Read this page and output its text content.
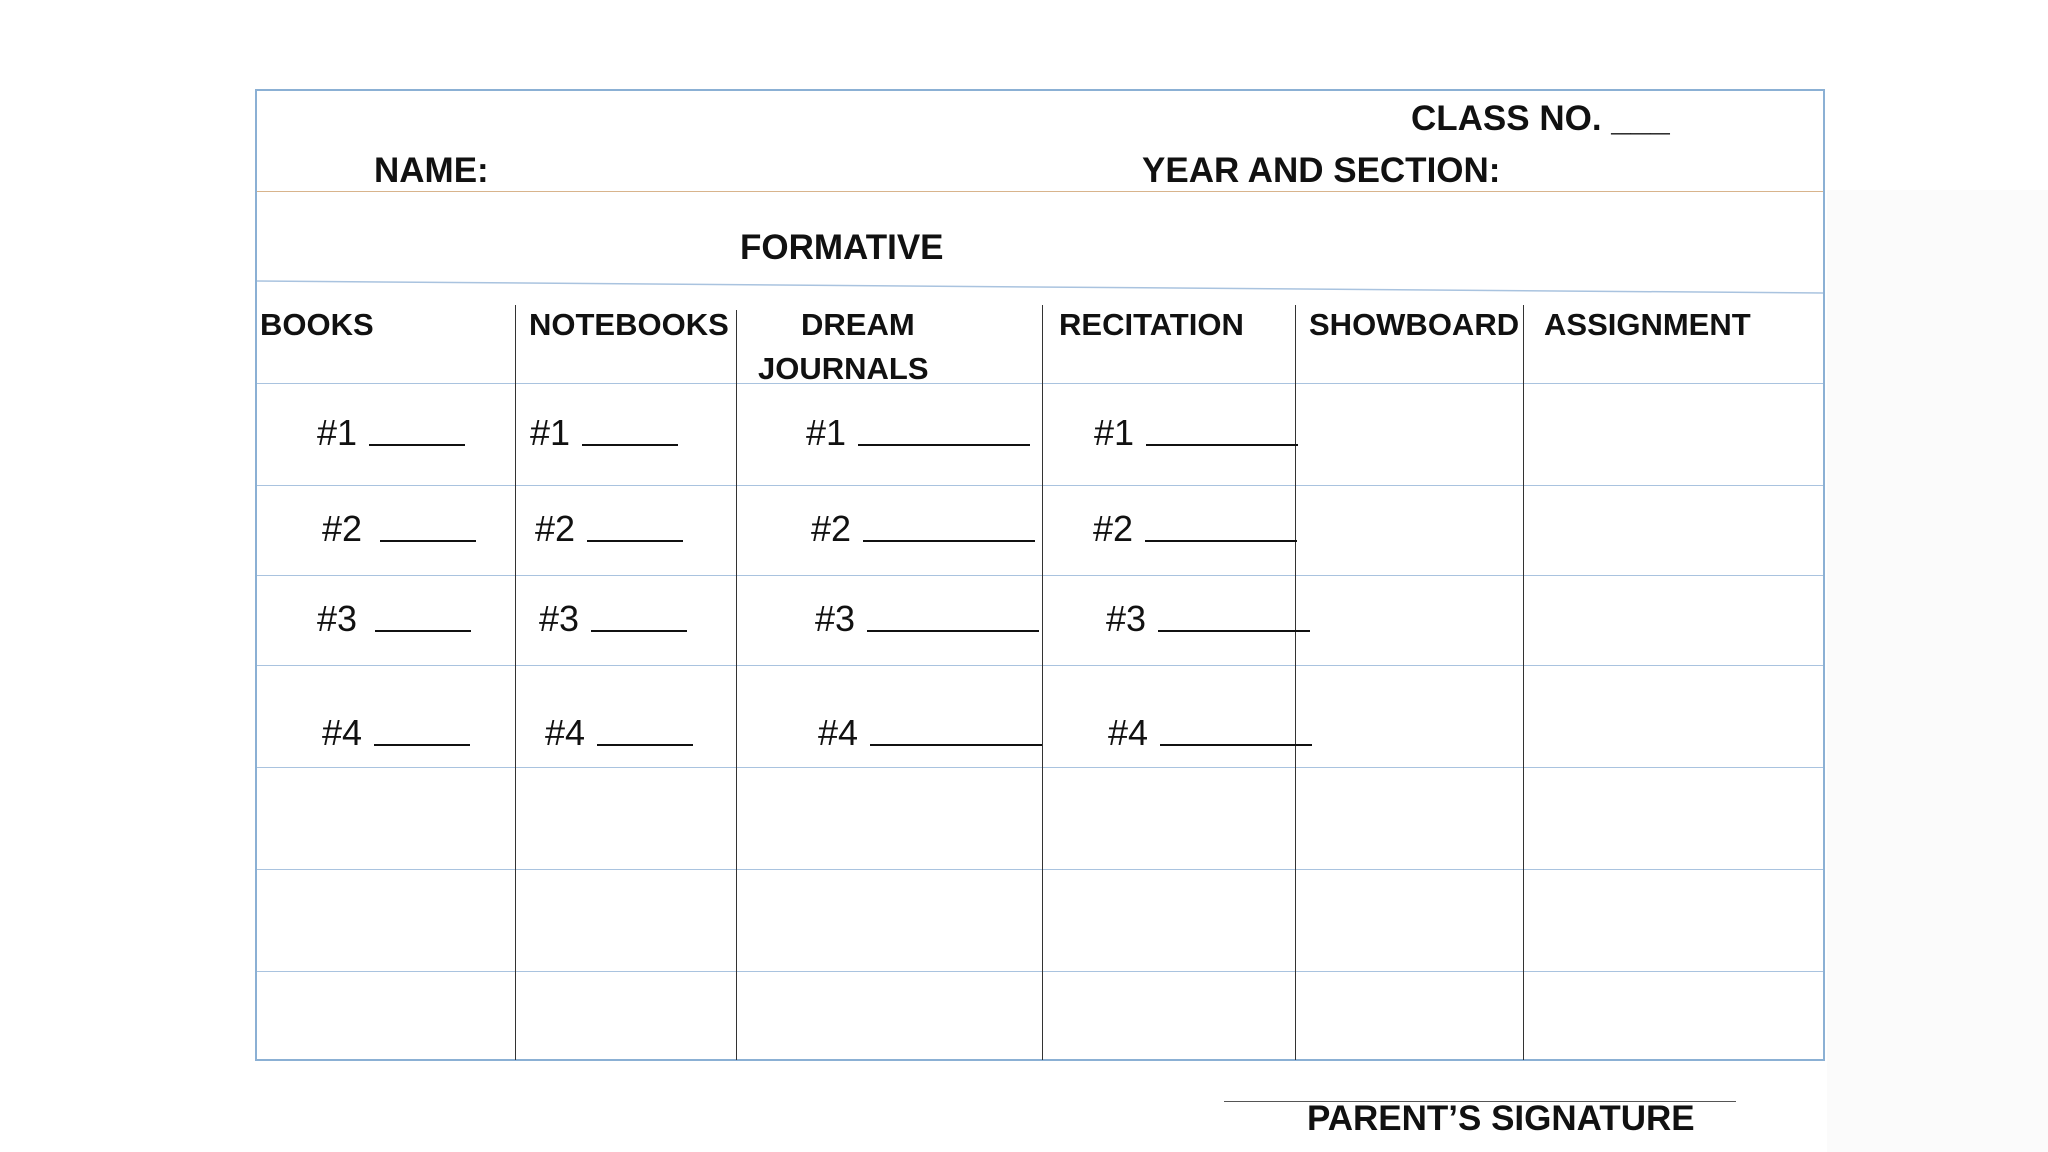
CLASS NO. ___
NAME:	YEAR AND SECTION:
FORMATIVE
BOOKS	NOTEBOOKS DREAM
JOURNALS
RECITATION SHOWBOARD ASSIGNMENT
#1
#2
#3
#4
#1
#2
#3
#4
#1
#2
#3
#4
#1
#2
#3
#4
PARENT’S SIGNATURE
